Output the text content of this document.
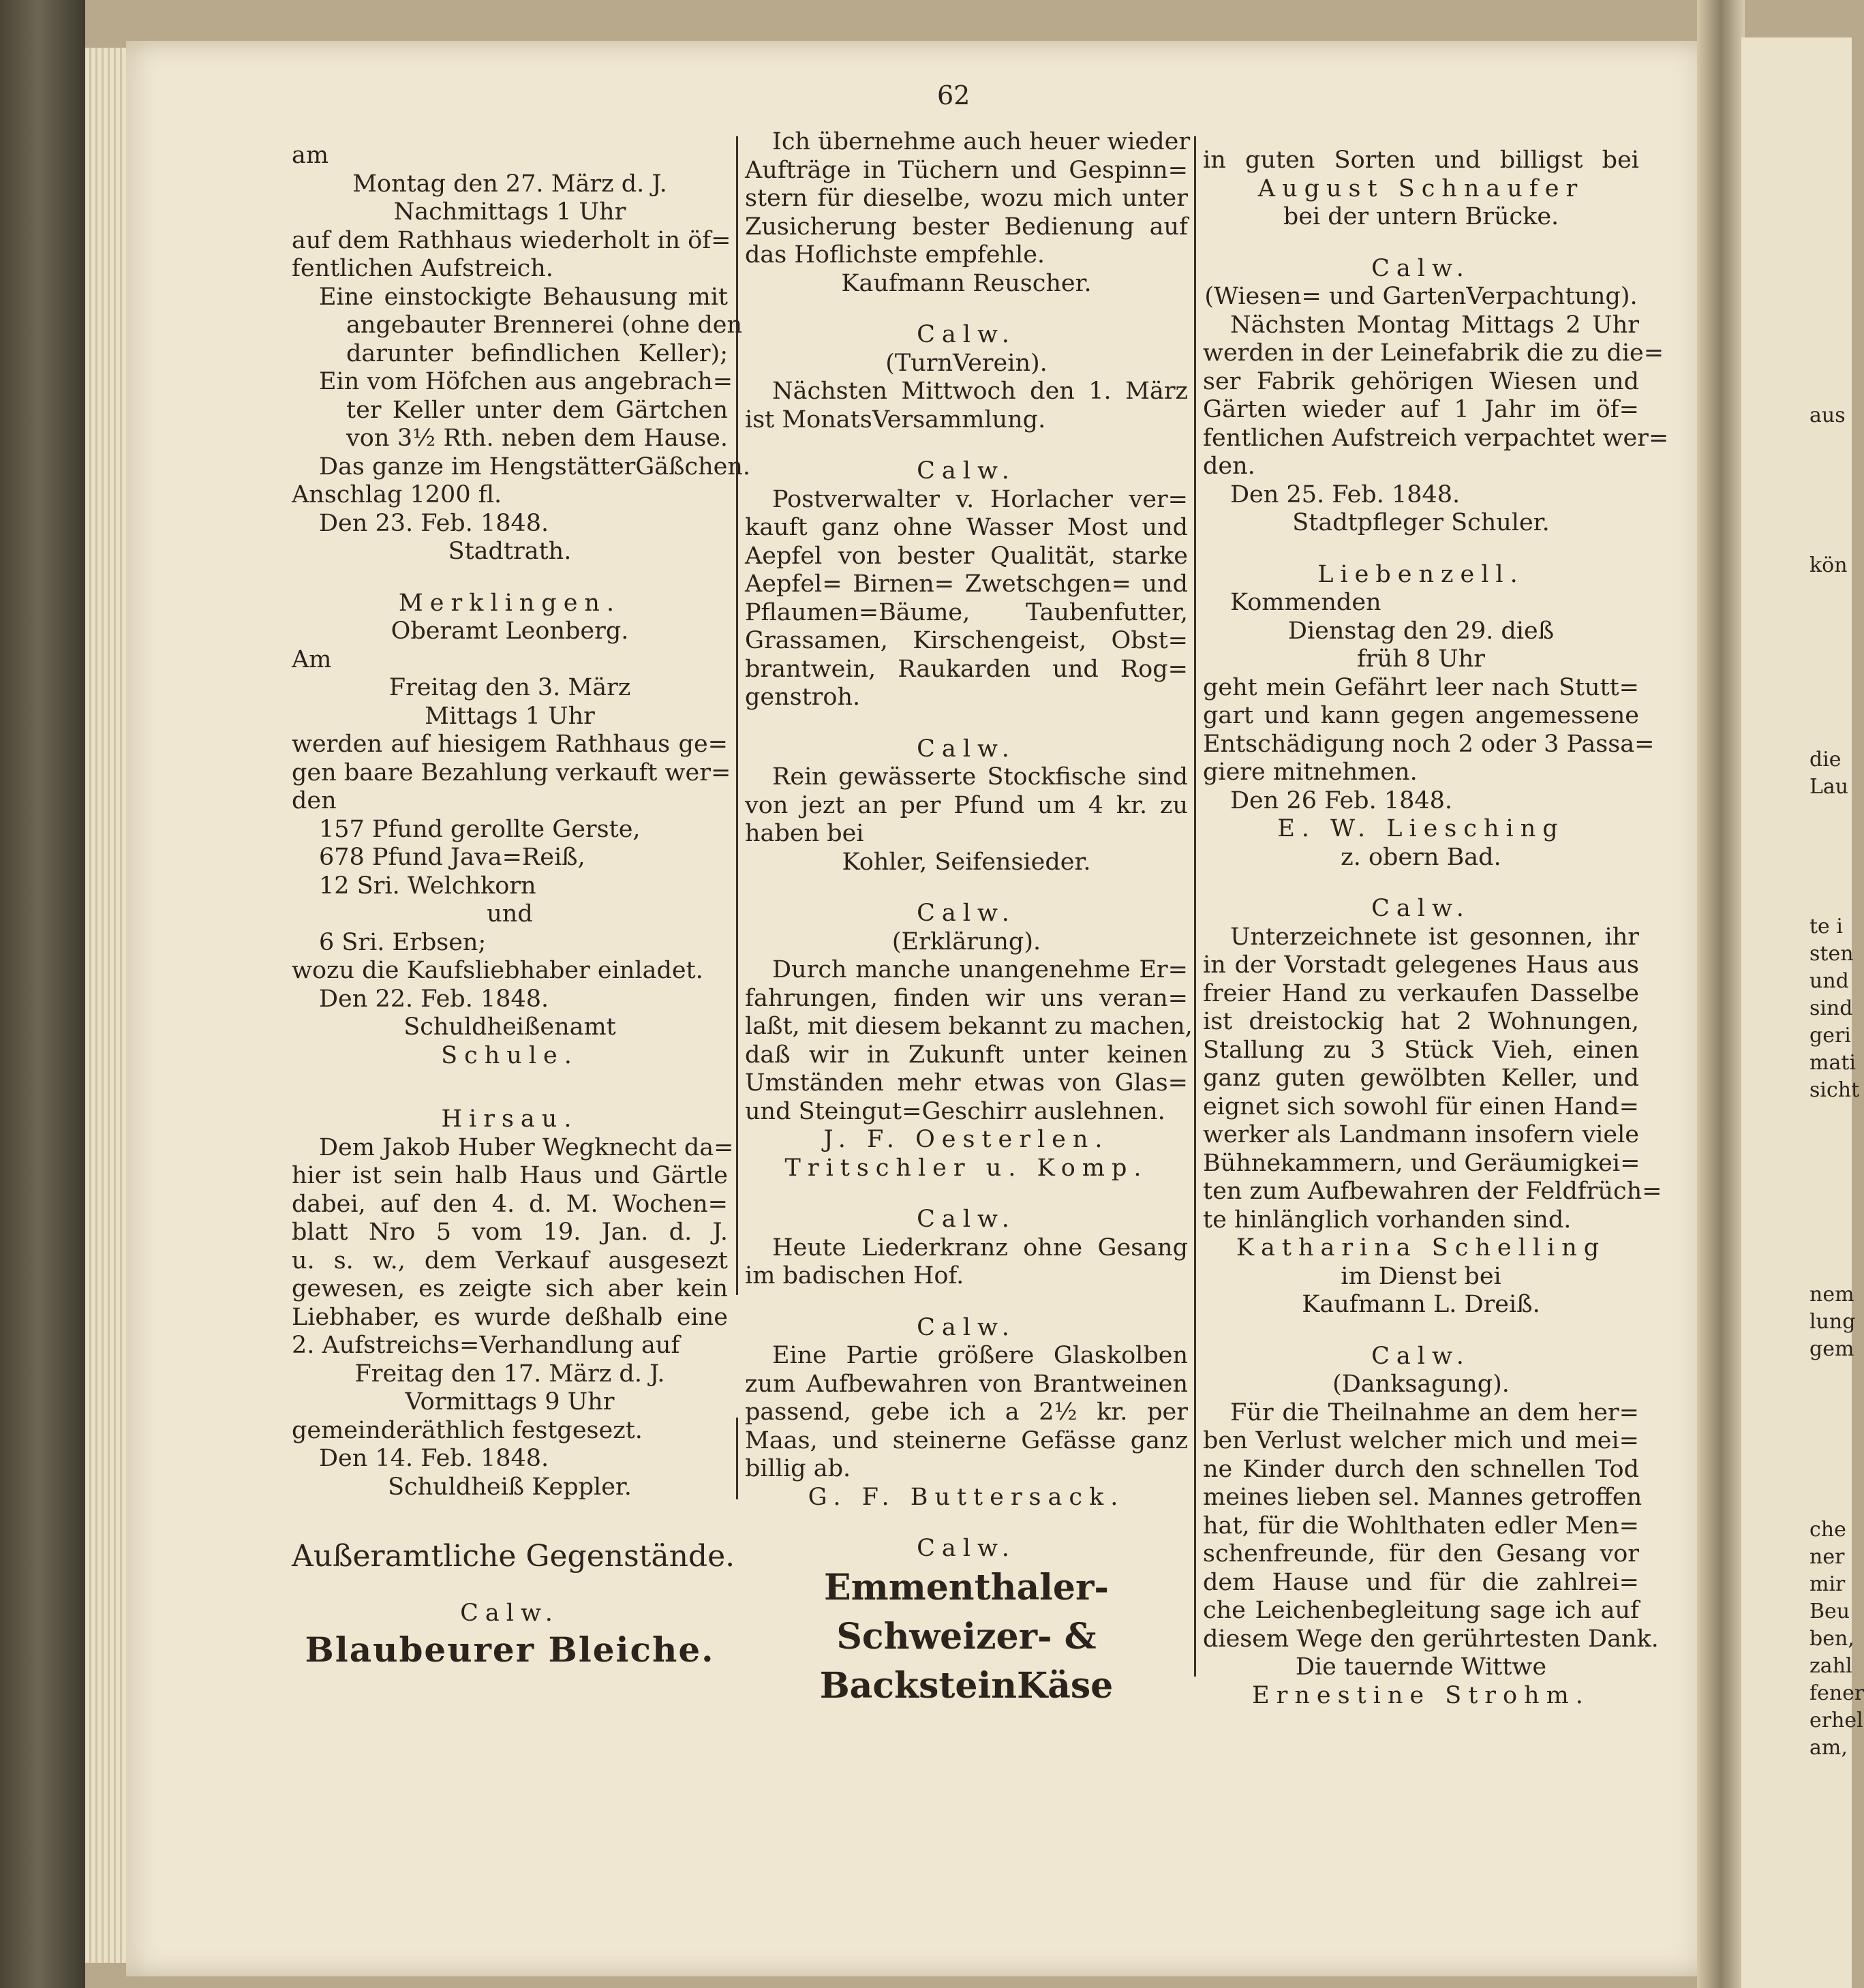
62

am

Montag den 27. März d. J.

Nachmittags 1 Uhr

auf dem Rathhaus wiederholt in öf=

fentlichen Aufstreich.

Eine einstockigte Behausung mit

angebauter Brennerei (ohne den

darunter befindlichen Keller);

Ein vom Höfchen aus angebrach=

ter Keller unter dem Gärtchen

von 3½ Rth. neben dem Hause.

Das ganze im HengstätterGäßchen.

Anschlag 1200 fl.

Den 23. Feb. 1848.

Stadtrath.

Merklingen.

Oberamt Leonberg.

Am

Freitag den 3. März

Mittags 1 Uhr

werden auf hiesigem Rathhaus ge=

gen baare Bezahlung verkauft wer=

den

157 Pfund gerollte Gerste,

678 Pfund Java=Reiß,

12 Sri. Welchkorn

und

6 Sri. Erbsen;

wozu die Kaufsliebhaber einladet.

Den 22. Feb. 1848.

Schuldheißenamt

Schule.

Hirsau.

Dem Jakob Huber Wegknecht da=

hier ist sein halb Haus und Gärtle

dabei, auf den 4. d. M. Wochen=

blatt Nro 5 vom 19. Jan. d. J.

u. s. w., dem Verkauf ausgesezt

gewesen, es zeigte sich aber kein

Liebhaber, es wurde deßhalb eine

2. Aufstreichs=Verhandlung auf

Freitag den 17. März d. J.

Vormittags 9 Uhr

gemeinderäthlich festgesezt.

Den 14. Feb. 1848.

Schuldheiß Keppler.

Außeramtliche Gegenstände.

Calw.

Blaubeurer Bleiche.

Ich übernehme auch heuer wieder

Aufträge in Tüchern und Gespinn=

stern für dieselbe, wozu mich unter

Zusicherung bester Bedienung auf

das Hoflichste empfehle.

Kaufmann Reuscher.

Calw.

(TurnVerein).

Nächsten Mittwoch den 1. März

ist MonatsVersammlung.

Calw.

Postverwalter v. Horlacher ver=

kauft ganz ohne Wasser Most und

Aepfel von bester Qualität, starke

Aepfel= Birnen= Zwetschgen= und

Pflaumen=Bäume, Taubenfutter,

Grassamen, Kirschengeist, Obst=

brantwein, Raukarden und Rog=

genstroh.

Calw.

Rein gewässerte Stockfische sind

von jezt an per Pfund um 4 kr. zu

haben bei

Kohler, Seifensieder.

Calw.

(Erklärung).

Durch manche unangenehme Er=

fahrungen, finden wir uns veran=

laßt, mit diesem bekannt zu machen,

daß wir in Zukunft unter keinen

Umständen mehr etwas von Glas=

und Steingut=Geschirr auslehnen.

J. F. Oesterlen.

Tritschler u. Komp.

Calw.

Heute Liederkranz ohne Gesang

im badischen Hof.

Calw.

Eine Partie größere Glaskolben

zum Aufbewahren von Brantweinen

passend, gebe ich a 2½ kr. per

Maas, und steinerne Gefässe ganz

billig ab.

G. F. Buttersack.

Calw.

Emmenthaler-

Schweizer- &

BacksteinKäse

in guten Sorten und billigst bei

August Schnaufer

bei der untern Brücke.

Calw.

(Wiesen= und GartenVerpachtung).

Nächsten Montag Mittags 2 Uhr

werden in der Leinefabrik die zu die=

ser Fabrik gehörigen Wiesen und

Gärten wieder auf 1 Jahr im öf=

fentlichen Aufstreich verpachtet wer=

den.

Den 25. Feb. 1848.

Stadtpfleger Schuler.

Liebenzell.

Kommenden

Dienstag den 29. dieß

früh 8 Uhr

geht mein Gefährt leer nach Stutt=

gart und kann gegen angemessene

Entschädigung noch 2 oder 3 Passa=

giere mitnehmen.

Den 26 Feb. 1848.

E. W. Liesching

z. obern Bad.

Calw.

Unterzeichnete ist gesonnen, ihr

in der Vorstadt gelegenes Haus aus

freier Hand zu verkaufen Dasselbe

ist dreistockig hat 2 Wohnungen,

Stallung zu 3 Stück Vieh, einen

ganz guten gewölbten Keller, und

eignet sich sowohl für einen Hand=

werker als Landmann insofern viele

Bühnekammern, und Geräumigkei=

ten zum Aufbewahren der Feldfrüch=

te hinlänglich vorhanden sind.

Katharina Schelling

im Dienst bei

Kaufmann L. Dreiß.

Calw.

(Danksagung).

Für die Theilnahme an dem her=

ben Verlust welcher mich und mei=

ne Kinder durch den schnellen Tod

meines lieben sel. Mannes getroffen

hat, für die Wohlthaten edler Men=

schenfreunde, für den Gesang vor

dem Hause und für die zahlrei=

che Leichenbegleitung sage ich auf

diesem Wege den gerührtesten Dank.

Die tauernde Wittwe

Ernestine Strohm.

aus
kön
die
Lau
te i
sten
und
sind
geri
mati
sicht
nem
lung
gem
che
ner
mir
Beu
ben,
zahl
fener
erhel
am,
